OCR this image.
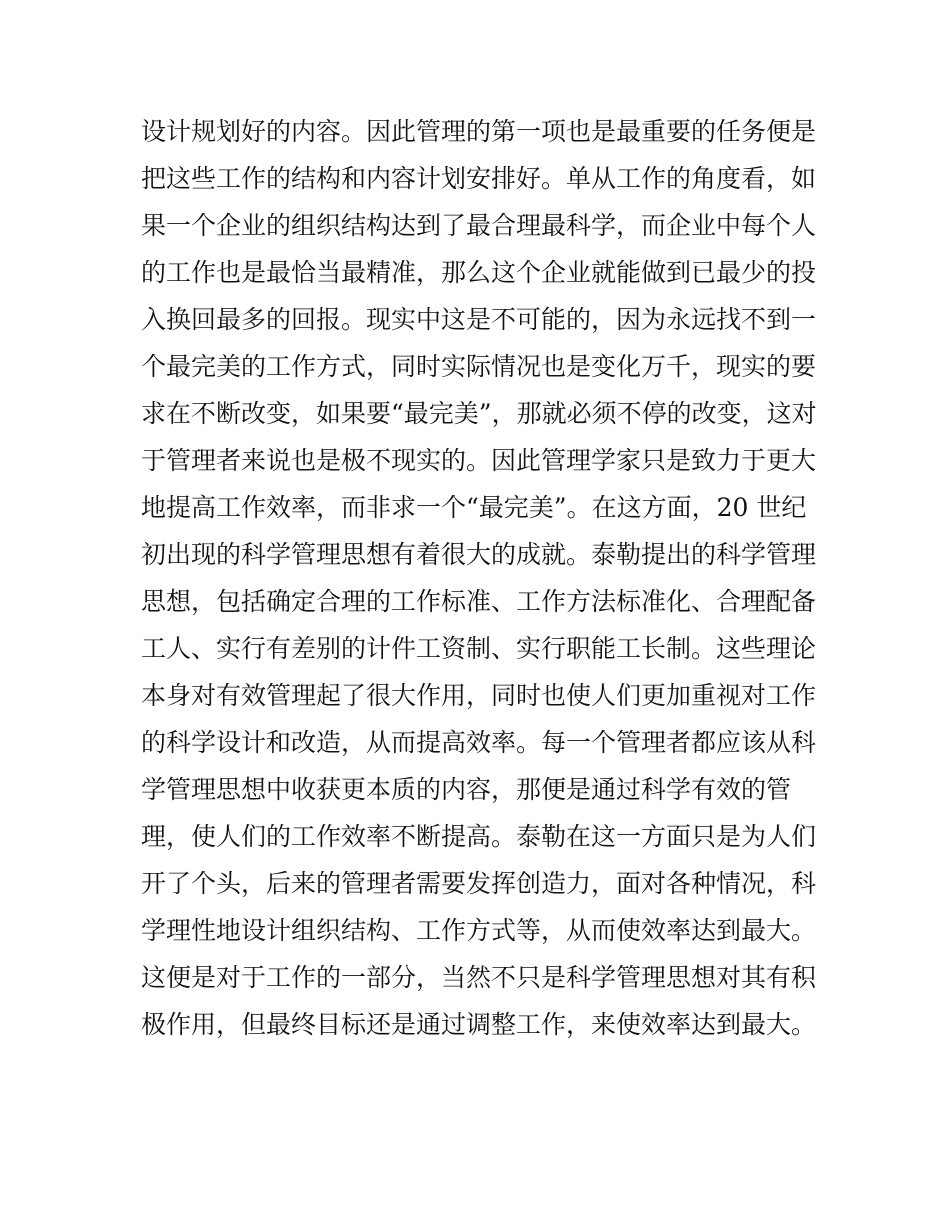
设计规划好的内容。因此管理的第一项也是最重要的任务便是
把这些工作的结构和内容计划安排好。单从工作的角度看，如
果一个企业的组织结构达到了最合理最科学，而企业中每个人
的工作也是最恰当最精准，那么这个企业就能做到已最少的投
入换回最多的回报。现实中这是不可能的，因为永远找不到一
个最完美的工作方式，同时实际情况也是变化万千，现实的要
求在不断改变，如果要“最完美”，那就必须不停的改变，这对
于管理者来说也是极不现实的。因此管理学家只是致力于更大
地提高工作效率，而非求一个“最完美”。在这方面，20 世纪
初出现的科学管理思想有着很大的成就。泰勒提出的科学管理
思想，包括确定合理的工作标准、工作方法标准化、合理配备
工人、实行有差别的计件工资制、实行职能工长制。这些理论
本身对有效管理起了很大作用，同时也使人们更加重视对工作
的科学设计和改造，从而提高效率。每一个管理者都应该从科
学管理思想中收获更本质的内容，那便是通过科学有效的管
理，使人们的工作效率不断提高。泰勒在这一方面只是为人们
开了个头，后来的管理者需要发挥创造力，面对各种情况，科
学理性地设计组织结构、工作方式等，从而使效率达到最大。
这便是对于工作的一部分，当然不只是科学管理思想对其有积
极作用，但最终目标还是通过调整工作，来使效率达到最大。
